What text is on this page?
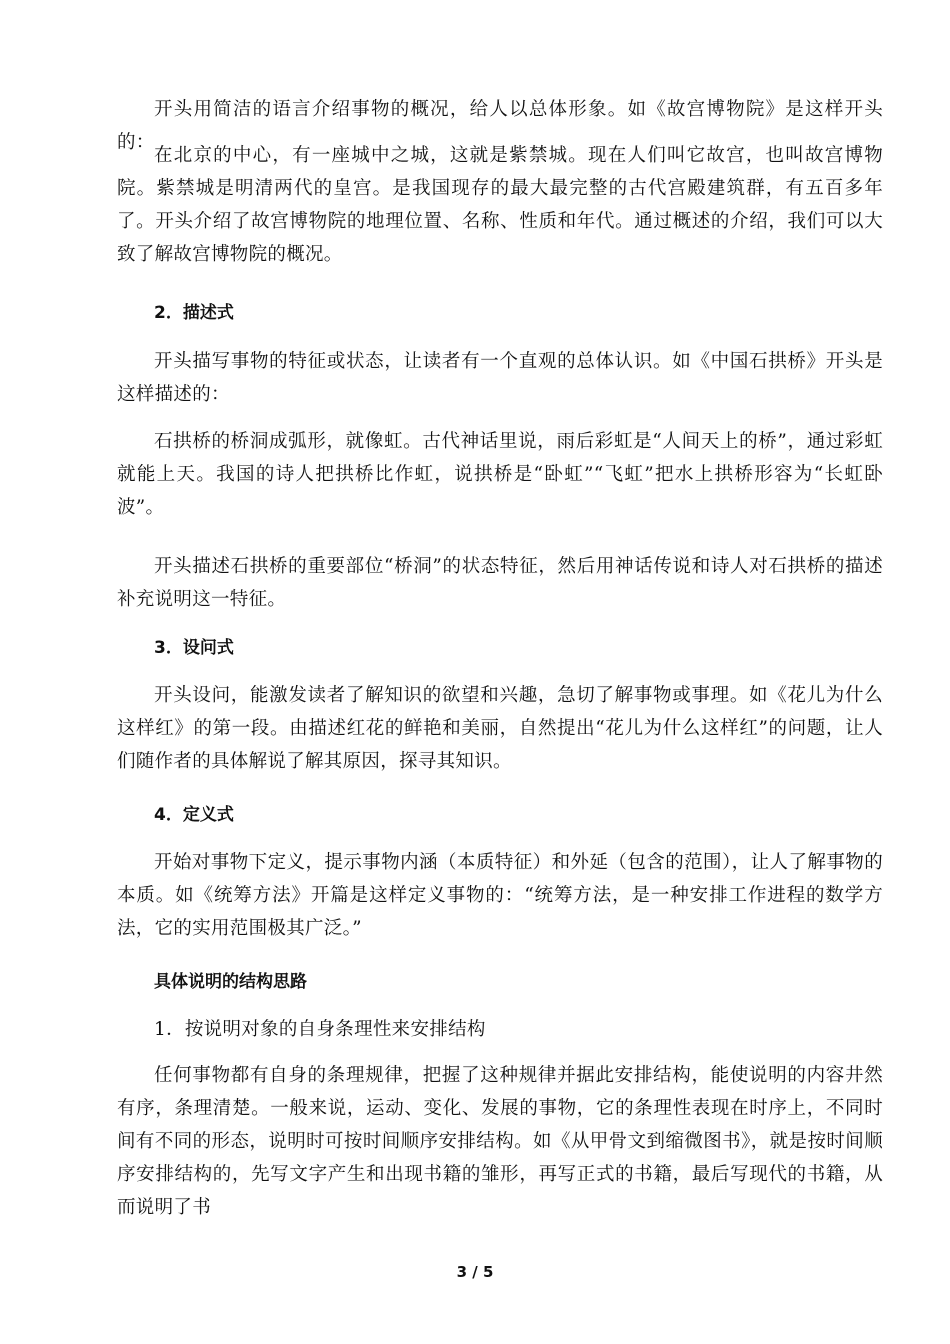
开头用简洁的语言介绍事物的概况，给人以总体形象。如《故宫博物院》是这样开头的：

在北京的中心，有一座城中之城，这就是紫禁城。现在人们叫它故宫，也叫故宫博物院。紫禁城是明清两代的皇宫。是我国现存的最大最完整的古代宫殿建筑群，有五百多年了。开头介绍了故宫博物院的地理位置、名称、性质和年代。通过概述的介绍，我们可以大致了解故宫博物院的概况。

2．描述式

开头描写事物的特征或状态，让读者有一个直观的总体认识。如《中国石拱桥》开头是这样描述的：

石拱桥的桥洞成弧形，就像虹。古代神话里说，雨后彩虹是“人间天上的桥”，通过彩虹就能上天。我国的诗人把拱桥比作虹，说拱桥是“卧虹”“飞虹”把水上拱桥形容为“长虹卧波”。

开头描述石拱桥的重要部位“桥洞”的状态特征，然后用神话传说和诗人对石拱桥的描述补充说明这一特征。

3．设问式

开头设问，能激发读者了解知识的欲望和兴趣，急切了解事物或事理。如《花儿为什么这样红》的第一段。由描述红花的鲜艳和美丽，自然提出“花儿为什么这样红”的问题，让人们随作者的具体解说了解其原因，探寻其知识。

4．定义式

开始对事物下定义，提示事物内涵（本质特征）和外延（包含的范围），让人了解事物的本质。如《统筹方法》开篇是这样定义事物的：“统筹方法，是一种安排工作进程的数学方法，它的实用范围极其广泛。”

具体说明的结构思路

1．按说明对象的自身条理性来安排结构

任何事物都有自身的条理规律，把握了这种规律并据此安排结构，能使说明的内容井然有序，条理清楚。一般来说，运动、变化、发展的事物，它的条理性表现在时序上，不同时间有不同的形态，说明时可按时间顺序安排结构。如《从甲骨文到缩微图书》，就是按时间顺序安排结构的，先写文字产生和出现书籍的雏形，再写正式的书籍，最后写现代的书籍，从而说明了书

3 / 5
